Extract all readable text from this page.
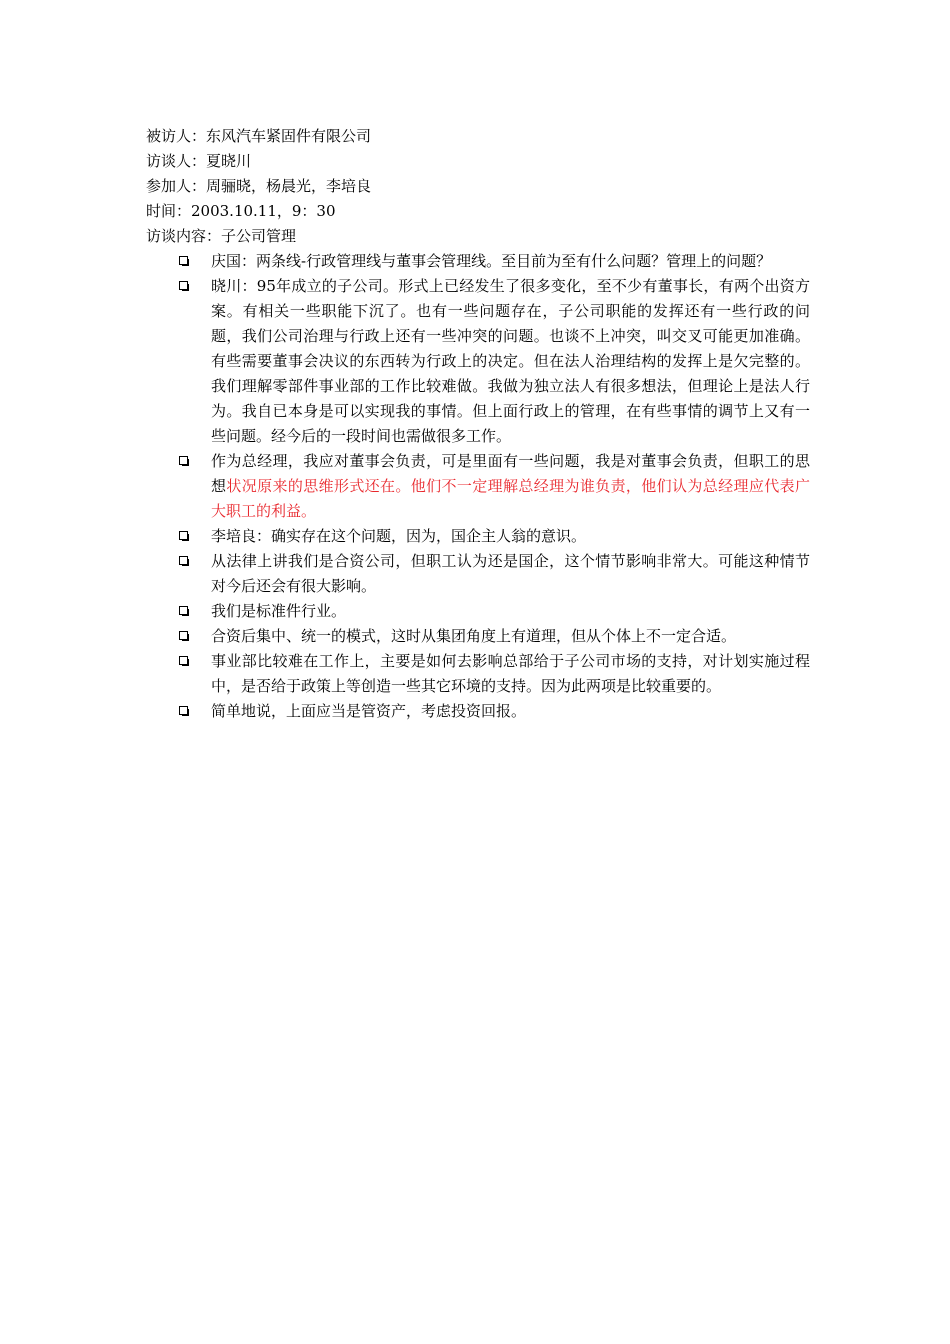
被访人：东风汽车紧固件有限公司
访谈人：夏晓川
参加人：周骊晓，杨晨光，李培良
时间：2003.10.11，9：30
访谈内容：子公司管理
庆国：两条线-行政管理线与董事会管理线。至目前为至有什么问题？管理上的问题？
晓川：95年成立的子公司。形式上已经发生了很多变化，至不少有董事长，有两个出资方案。有相关一些职能下沉了。也有一些问题存在，子公司职能的发挥还有一些行政的问题，我们公司治理与行政上还有一些冲突的问题。也谈不上冲突，叫交叉可能更加准确。有些需要董事会决议的东西转为行政上的决定。但在法人治理结构的发挥上是欠完整的。我们理解零部件事业部的工作比较难做。我做为独立法人有很多想法，但理论上是法人行为。我自已本身是可以实现我的事情。但上面行政上的管理，在有些事情的调节上又有一些问题。经今后的一段时间也需做很多工作。
作为总经理，我应对董事会负责，可是里面有一些问题，我是对董事会负责，但职工的思想状况原来的思维形式还在。他们不一定理解总经理为谁负责，他们认为总经理应代表广大职工的利益。
李培良：确实存在这个问题，因为，国企主人翁的意识。
从法律上讲我们是合资公司，但职工认为还是国企，这个情节影响非常大。可能这种情节对今后还会有很大影响。
我们是标准件行业。
合资后集中、统一的模式，这时从集团角度上有道理，但从个体上不一定合适。
事业部比较难在工作上，主要是如何去影响总部给于子公司市场的支持，对计划实施过程中，是否给于政策上等创造一些其它环境的支持。因为此两项是比较重要的。
简单地说，上面应当是管资产，考虑投资回报。
